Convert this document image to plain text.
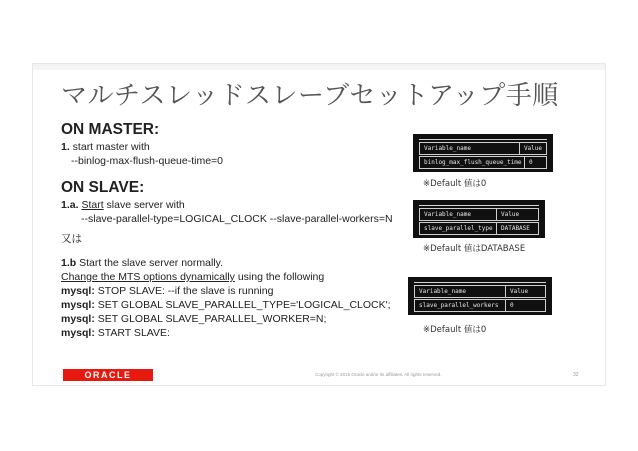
マルチスレッドスレーブセットアップ手順
ON MASTER:
1. start master with
--binlog-max-flush-queue-time=0
ON SLAVE:
1.a. Start slave server with
--slave-parallel-type=LOGICAL_CLOCK --slave-parallel-workers=N
又は
1.b Start the slave server normally.
Change the MTS options dynamically using the following
mysql: STOP SLAVE: --if the slave is running
mysql: SET GLOBAL SLAVE_PARALLEL_TYPE='LOGICAL_CLOCK';
mysql: SET GLOBAL SLAVE_PARALLEL_WORKER=N;
mysql: START SLAVE:
Variable_name	Value
binlog_max_flush_queue_time	0
※Default 値は0
Variable_name	Value
slave_parallel_type	DATABASE
※Default 値はDATABASE
Variable_name	Value
slave_parallel_workers	0
※Default 値は0
ORACLE	Copyright © 2015 Oracle and/or its affiliates. All rights reserved.	32
